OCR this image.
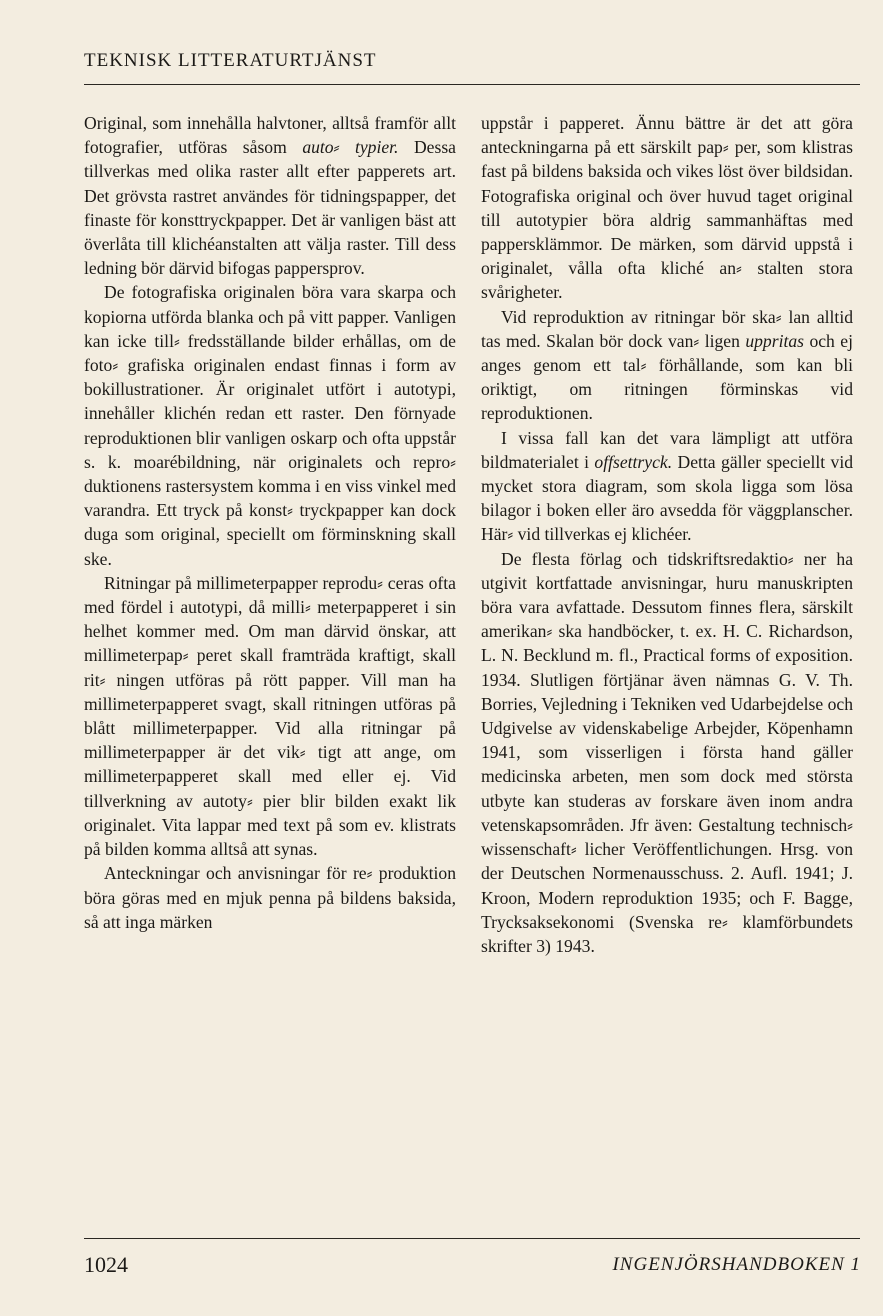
TEKNISK LITTERATURTJÄNST

Original, som innehålla halvtoner, alltså framför allt fotografier, utföras såsom auto⸗ typier. Dessa tillverkas med olika raster allt efter papperets art. Det grövsta rastret användes för tidningspapper, det finaste för konsttryckpapper. Det är vanligen bäst att överlåta till klichéanstalten att välja raster. Till dess ledning bör därvid bifogas pappersprov.

De fotografiska originalen böra vara skarpa och kopiorna utförda blanka och på vitt papper. Vanligen kan icke till⸗ fredsställande bilder erhållas, om de foto⸗ grafiska originalen endast finnas i form av bokillustrationer. Är originalet utfört i autotypi, innehåller klichén redan ett raster. Den förnyade reproduktionen blir vanligen oskarp och ofta uppstår s. k. moarébildning, när originalets och repro⸗ duktionens rastersystem komma i en viss vinkel med varandra. Ett tryck på konst⸗ tryckpapper kan dock duga som original, speciellt om förminskning skall ske.

Ritningar på millimeterpapper reprodu⸗ ceras ofta med fördel i autotypi, då milli⸗ meterpapperet i sin helhet kommer med. Om man därvid önskar, att millimeterpap⸗ peret skall framträda kraftigt, skall rit⸗ ningen utföras på rött papper. Vill man ha millimeterpapperet svagt, skall ritningen utföras på blått millimeterpapper. Vid alla ritningar på millimeterpapper är det vik⸗ tigt att ange, om millimeterpapperet skall med eller ej. Vid tillverkning av autoty⸗ pier blir bilden exakt lik originalet. Vita lappar med text på som ev. klistrats på bilden komma alltså att synas.

Anteckningar och anvisningar för re⸗ produktion böra göras med en mjuk penna på bildens baksida, så att inga märken

uppstår i papperet. Ännu bättre är det att göra anteckningarna på ett särskilt pap⸗ per, som klistras fast på bildens baksida och vikes löst över bildsidan. Fotografiska original och över huvud taget original till autotypier böra aldrig sammanhäftas med pappersklämmor. De märken, som därvid uppstå i originalet, vålla ofta kliché an⸗ stalten stora svårigheter.

Vid reproduktion av ritningar bör ska⸗ lan alltid tas med. Skalan bör dock van⸗ ligen uppritas och ej anges genom ett tal⸗ förhållande, som kan bli oriktigt, om ritningen förminskas vid reproduktionen.

I vissa fall kan det vara lämpligt att utföra bildmaterialet i offsettryck. Detta gäller speciellt vid mycket stora diagram, som skola ligga som lösa bilagor i boken eller äro avsedda för väggplanscher. Här⸗ vid tillverkas ej klichéer.

De flesta förlag och tidskriftsredaktio⸗ ner ha utgivit kortfattade anvisningar, huru manuskripten böra vara avfattade. Dessutom finnes flera, särskilt amerikan⸗ ska handböcker, t. ex. H. C. Richardson, L. N. Becklund m. fl., Practical forms of exposition. 1934. Slutligen förtjänar även nämnas G. V. Th. Borries, Vejledning i Tekniken ved Udarbejdelse och Udgivelse av videnskabelige Arbejder, Köpenhamn 1941, som visserligen i första hand gäller medicinska arbeten, men som dock med största utbyte kan studeras av forskare även inom andra vetenskapsområden. Jfr även: Gestaltung technisch⸗wissenschaft⸗ licher Veröffentlichungen. Hrsg. von der Deutschen Normenausschuss. 2. Aufl. 1941; J. Kroon, Modern reproduktion 1935; och F. Bagge, Trycksaksekonomi (Svenska re⸗ klamförbundets skrifter 3) 1943.

1024	INGENJÖRSHANDBOKEN 1
